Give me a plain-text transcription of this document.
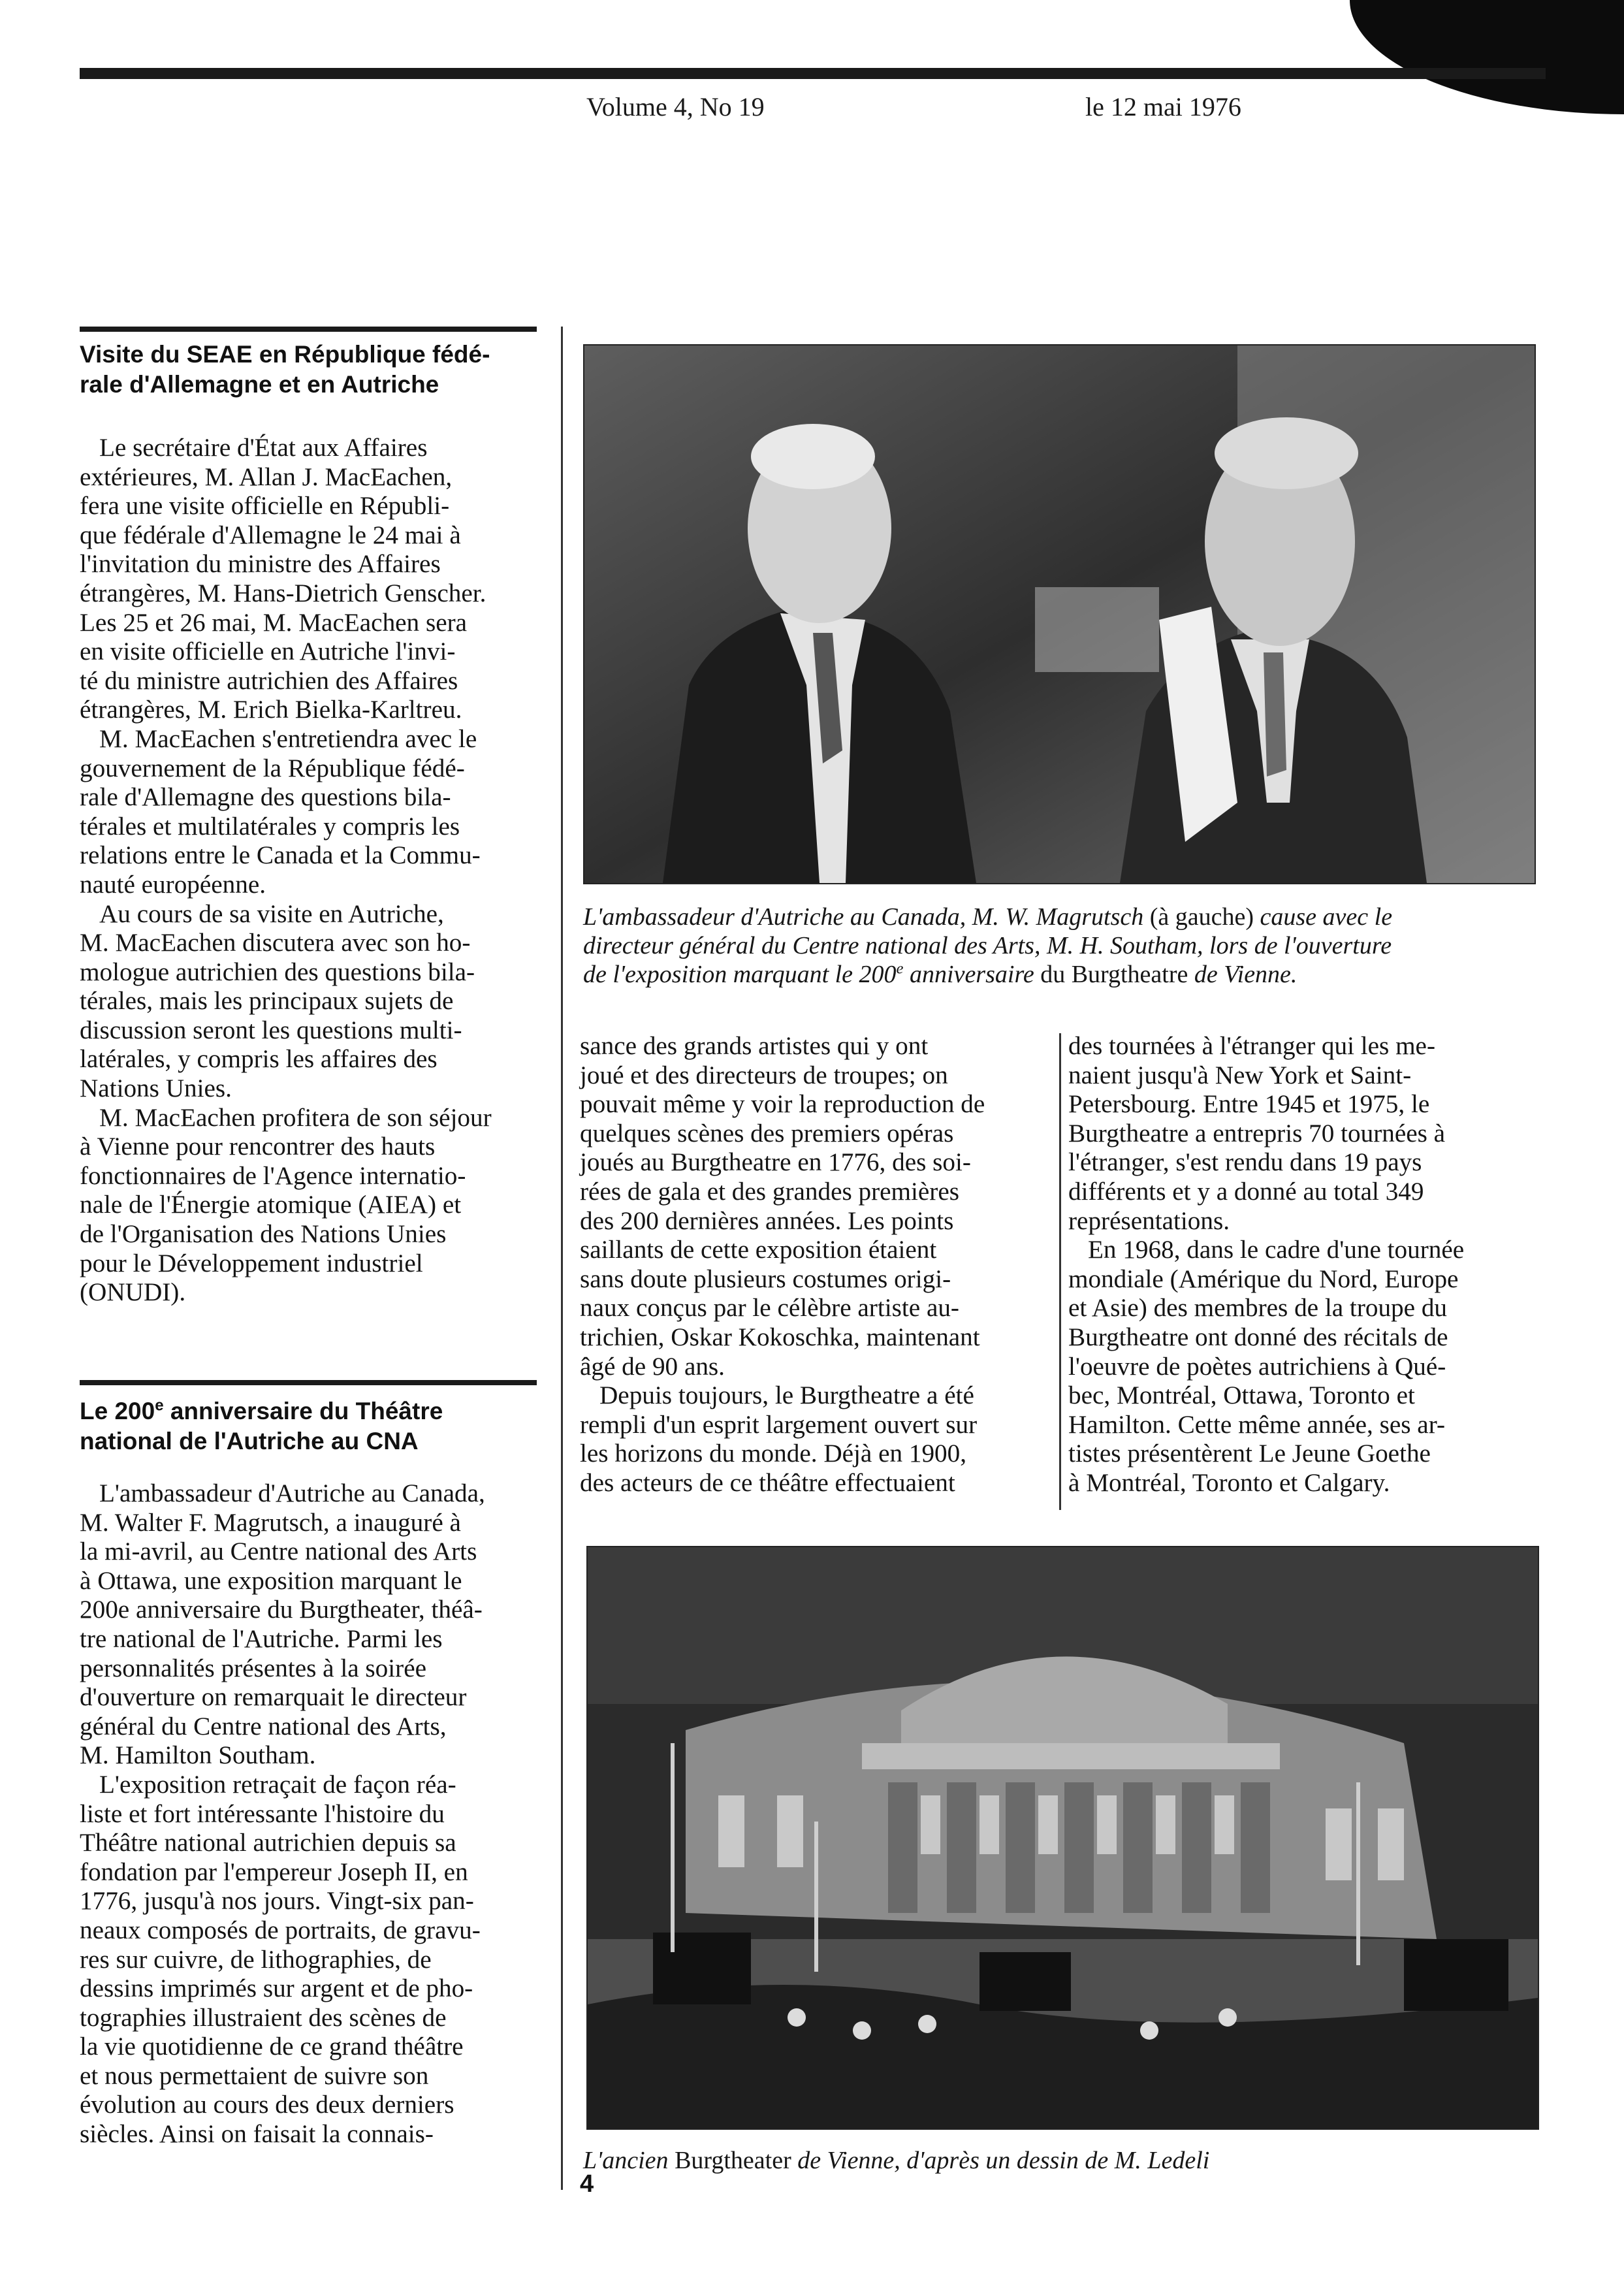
Volume 4, No 19	le 12 mai 1976
Visite du SEAE en République fédé-
rale d'Allemagne et en Autriche
Le secrétaire d'État aux Affaires
extérieures, M. Allan J. MacEachen,
fera une visite officielle en Républi-
que fédérale d'Allemagne le 24 mai à
l'invitation du ministre des Affaires
étrangères, M. Hans-Dietrich Genscher.
Les 25 et 26 mai, M. MacEachen sera
en visite officielle en Autriche l'invi-
té du ministre autrichien des Affaires
étrangères, M. Erich Bielka-Karltreu.
M. MacEachen s'entretiendra avec le
gouvernement de la République fédé-
rale d'Allemagne des questions bila-
térales et multilatérales y compris les
relations entre le Canada et la Commu-
nauté européenne.
Au cours de sa visite en Autriche,
M. MacEachen discutera avec son ho-
mologue autrichien des questions bila-
térales, mais les principaux sujets de
discussion seront les questions multi-
latérales, y compris les affaires des
Nations Unies.
M. MacEachen profitera de son séjour
à Vienne pour rencontrer des hauts
fonctionnaires de l'Agence internatio-
nale de l'Énergie atomique (AIEA) et
de l'Organisation des Nations Unies
pour le Développement industriel
(ONUDI).
Le 200e anniversaire du Théâtre
national de l'Autriche au CNA
L'ambassadeur d'Autriche au Canada,
M. Walter F. Magrutsch, a inauguré à
la mi-avril, au Centre national des Arts
à Ottawa, une exposition marquant le
200e anniversaire du Burgtheater, théâ-
tre national de l'Autriche. Parmi les
personnalités présentes à la soirée
d'ouverture on remarquait le directeur
général du Centre national des Arts,
M. Hamilton Southam.
L'exposition retraçait de façon réa-
liste et fort intéressante l'histoire du
Théâtre national autrichien depuis sa
fondation par l'empereur Joseph II, en
1776, jusqu'à nos jours. Vingt-six pan-
neaux composés de portraits, de gravu-
res sur cuivre, de lithographies, de
dessins imprimés sur argent et de pho-
tographies illustraient des scènes de
la vie quotidienne de ce grand théâtre
et nous permettaient de suivre son
évolution au cours des deux derniers
siècles. Ainsi on faisait la connais-
L'ambassadeur d'Autriche au Canada, M. W. Magrutsch (à gauche) cause avec le
directeur général du Centre national des Arts, M. H. Southam, lors de l'ouverture
de l'exposition marquant le 200e anniversaire du Burgtheatre de Vienne.
sance des grands artistes qui y ont
joué et des directeurs de troupes; on
pouvait même y voir la reproduction de
quelques scènes des premiers opéras
joués au Burgtheatre en 1776, des soi-
rées de gala et des grandes premières
des 200 dernières années. Les points
saillants de cette exposition étaient
sans doute plusieurs costumes origi-
naux conçus par le célèbre artiste au-
trichien, Oskar Kokoschka, maintenant
âgé de 90 ans.
Depuis toujours, le Burgtheatre a été
rempli d'un esprit largement ouvert sur
les horizons du monde. Déjà en 1900,
des acteurs de ce théâtre effectuaient
des tournées à l'étranger qui les me-
naient jusqu'à New York et Saint-
Petersbourg. Entre 1945 et 1975, le
Burgtheatre a entrepris 70 tournées à
l'étranger, s'est rendu dans 19 pays
différents et y a donné au total 349
représentations.
En 1968, dans le cadre d'une tournée
mondiale (Amérique du Nord, Europe
et Asie) des membres de la troupe du
Burgtheatre ont donné des récitals de
l'oeuvre de poètes autrichiens à Qué-
bec, Montréal, Ottawa, Toronto et
Hamilton. Cette même année, ses ar-
tistes présentèrent Le Jeune Goethe
à Montréal, Toronto et Calgary.
L'ancien Burgtheater de Vienne, d'après un dessin de M. Ledeli
4
